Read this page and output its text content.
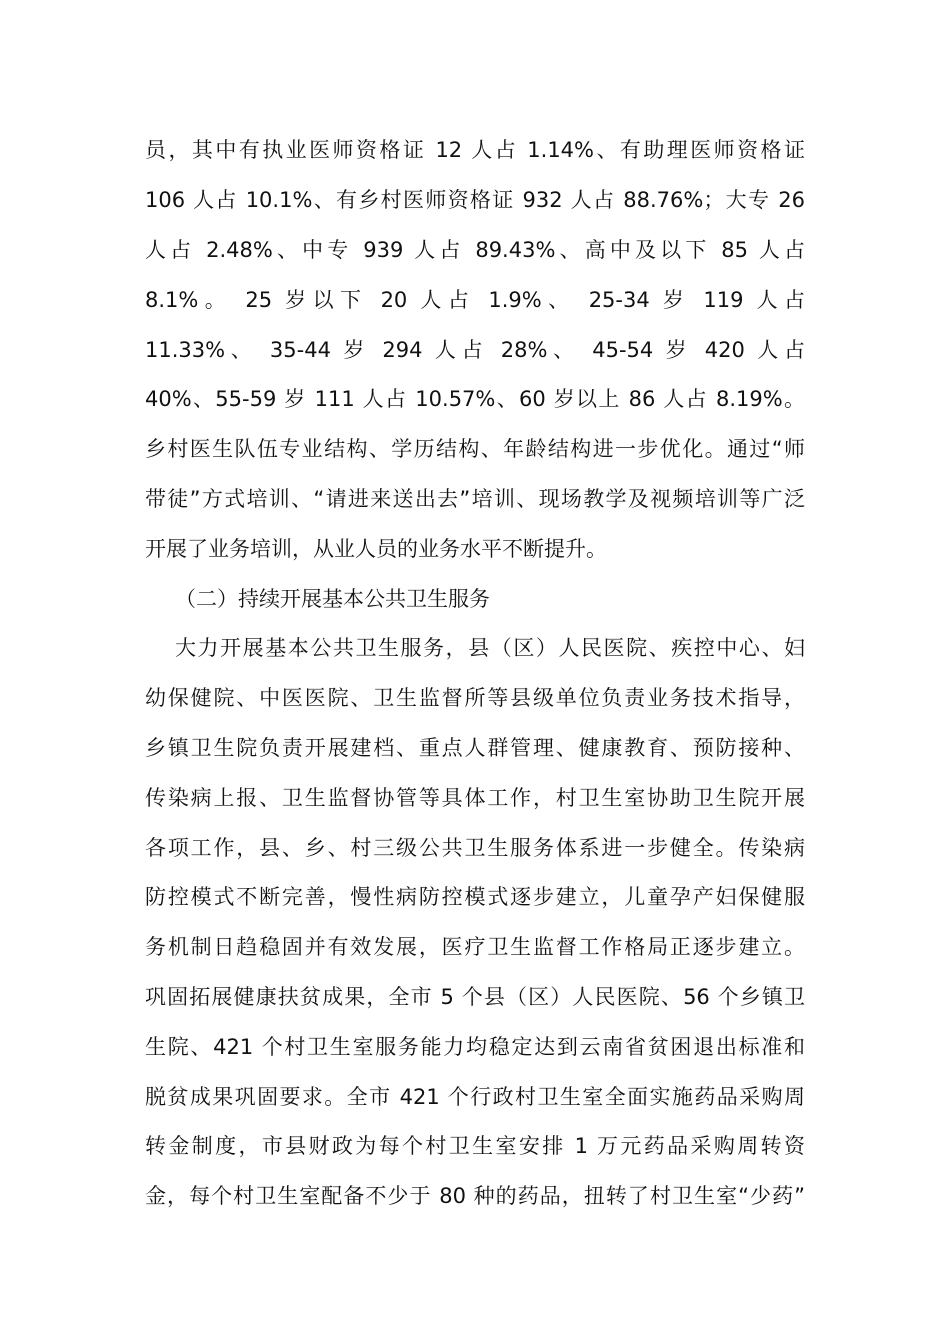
员，其中有执业医师资格证 12 人占 1.14%、有助理医师资格证
106 人占 10.1%、有乡村医师资格证 932 人占 88.76%；大专 26
人占 2.48%、中专 939 人占 89.43%、高中及以下 85 人占
8.1%。 25 岁以下 20 人占 1.9%、 25-34 岁 119 人占
11.33%、 35-44 岁 294 人占 28%、 45-54 岁 420 人占
40%、55-59 岁 111 人占 10.57%、60 岁以上 86 人占 8.19%。
乡村医生队伍专业结构、学历结构、年龄结构进一步优化。通过“师
带徒”方式培训、“请进来送出去”培训、现场教学及视频培训等广泛
开展了业务培训，从业人员的业务水平不断提升。
（二）持续开展基本公共卫生服务
大力开展基本公共卫生服务，县（区）人民医院、疾控中心、妇
幼保健院、中医医院、卫生监督所等县级单位负责业务技术指导，
乡镇卫生院负责开展建档、重点人群管理、健康教育、预防接种、
传染病上报、卫生监督协管等具体工作，村卫生室协助卫生院开展
各项工作，县、乡、村三级公共卫生服务体系进一步健全。传染病
防控模式不断完善，慢性病防控模式逐步建立，儿童孕产妇保健服
务机制日趋稳固并有效发展，医疗卫生监督工作格局正逐步建立。
巩固拓展健康扶贫成果，全市 5 个县（区）人民医院、56 个乡镇卫
生院、421 个村卫生室服务能力均稳定达到云南省贫困退出标准和
脱贫成果巩固要求。全市 421 个行政村卫生室全面实施药品采购周
转金制度，市县财政为每个村卫生室安排 1 万元药品采购周转资
金，每个村卫生室配备不少于 80 种的药品，扭转了村卫生室“少药”
